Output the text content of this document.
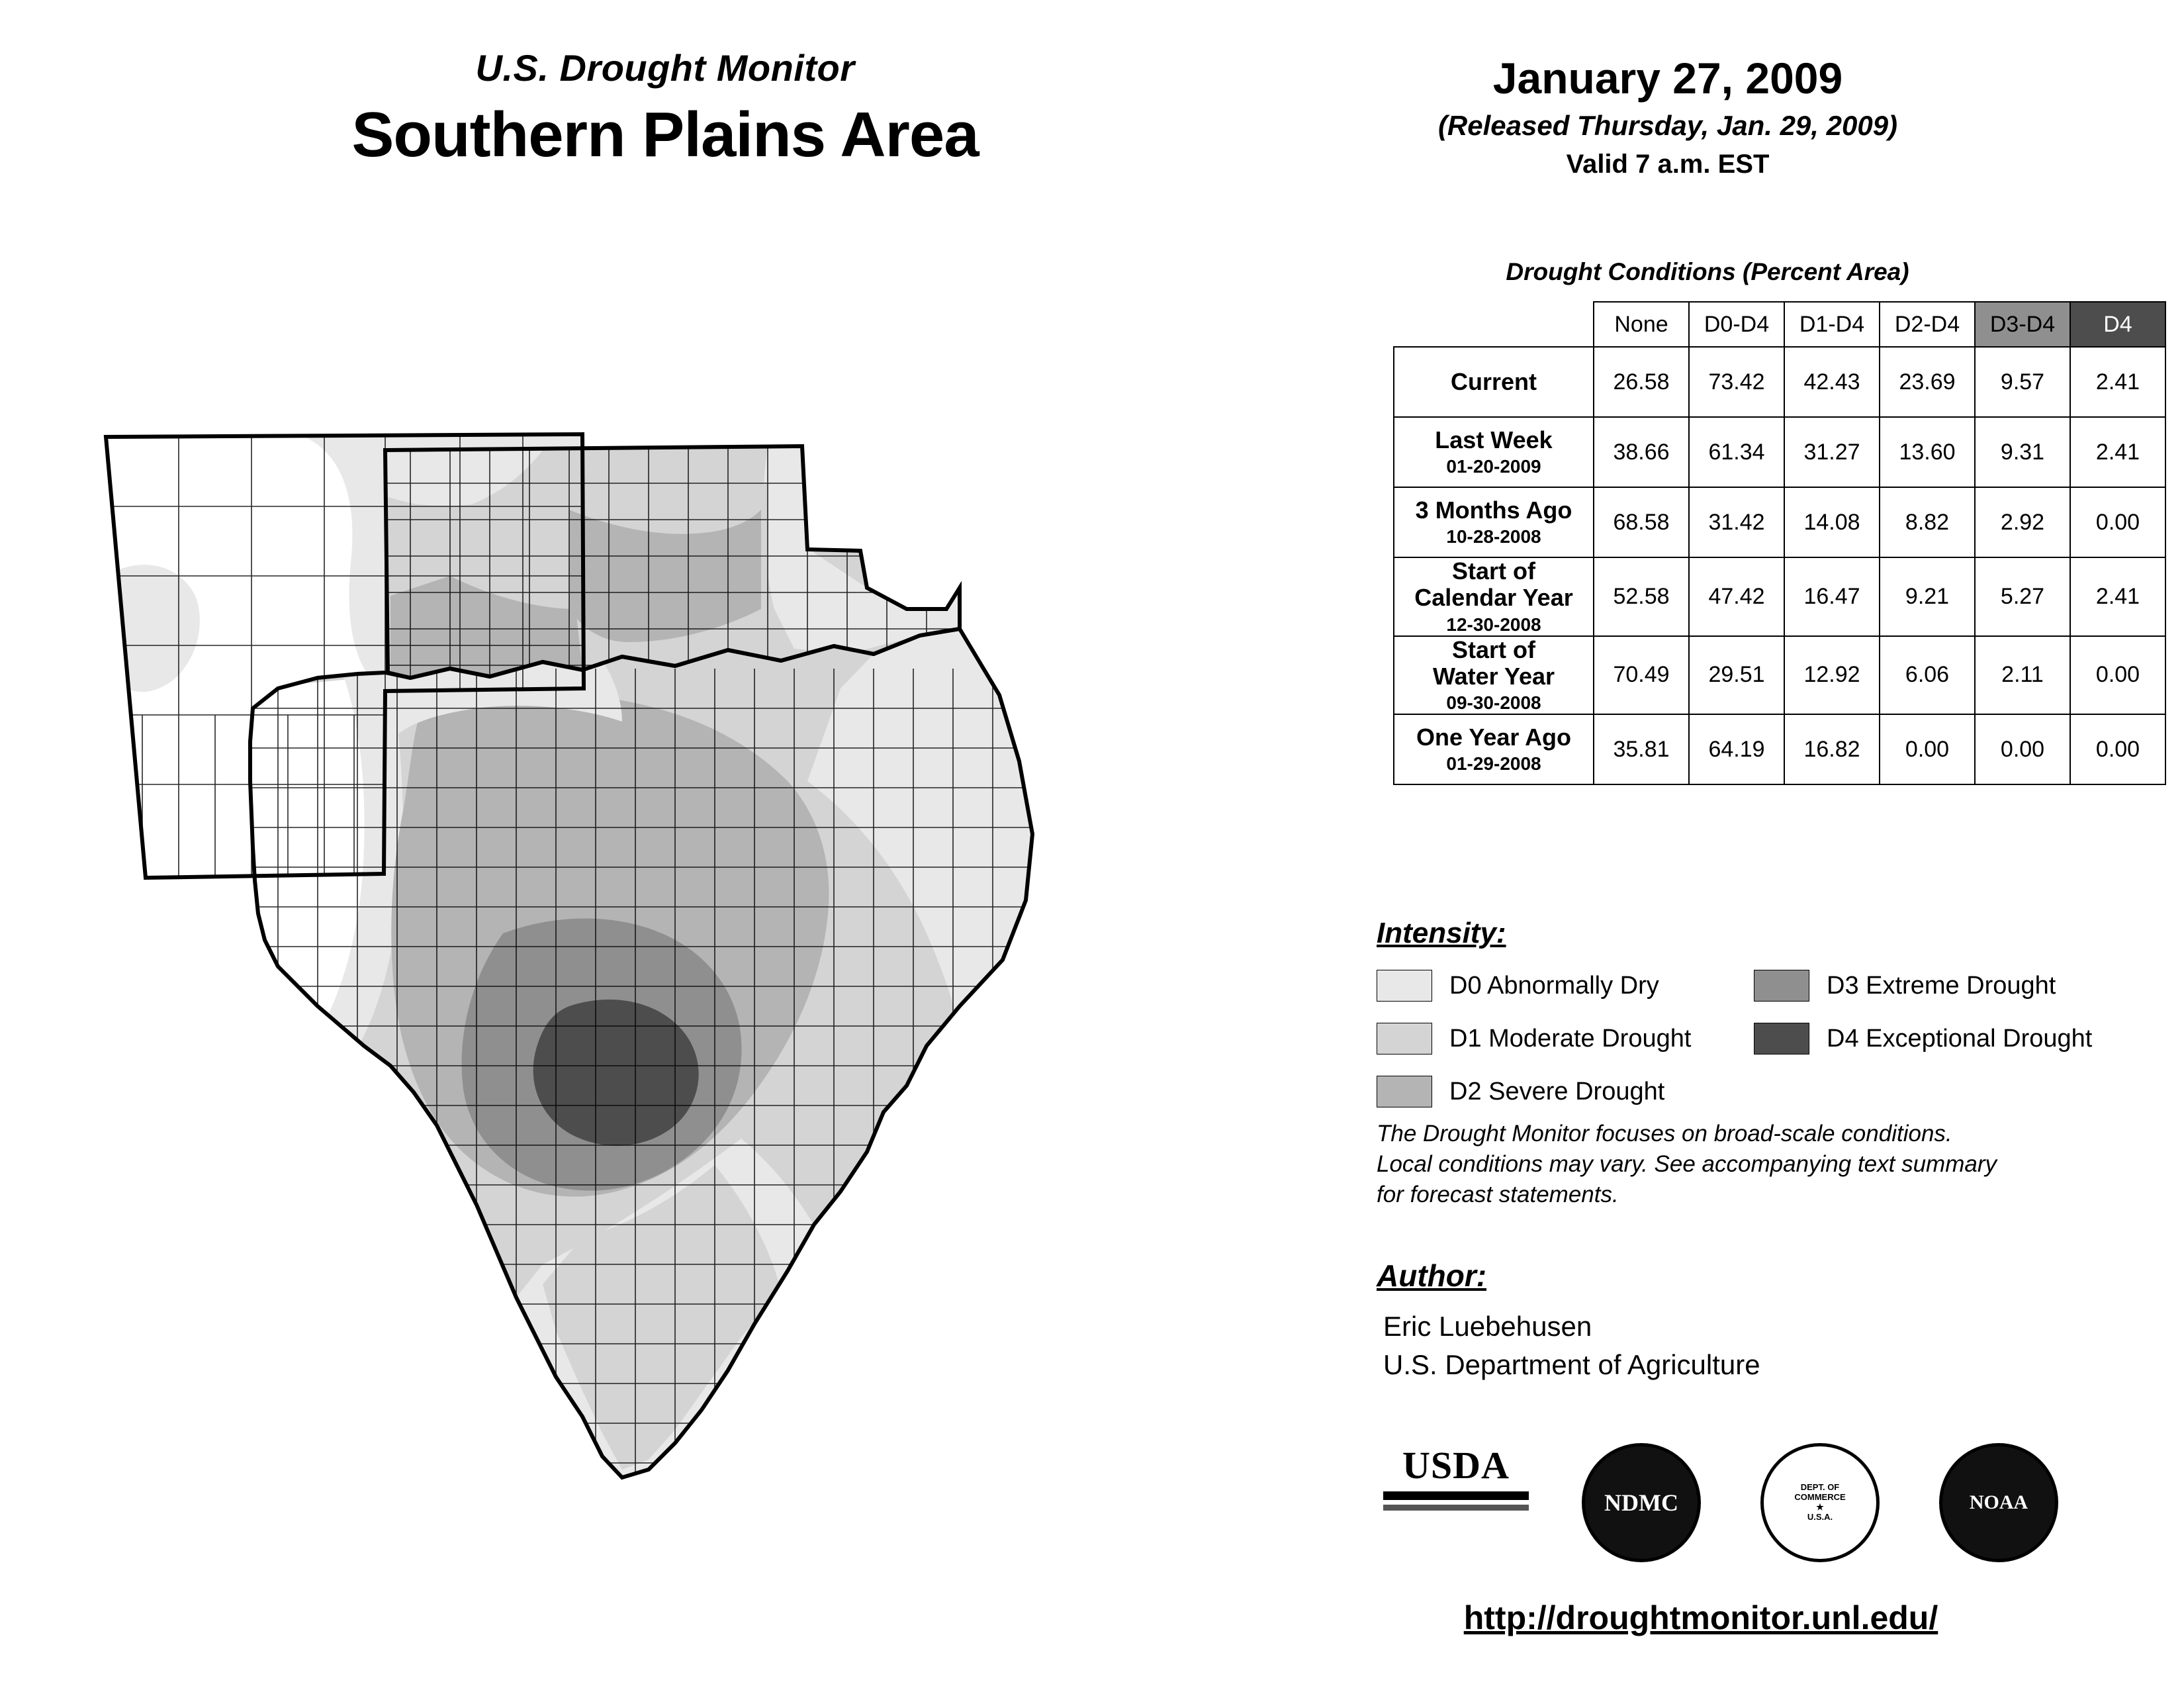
U.S. Drought Monitor
Southern Plains Area
January 27, 2009
(Released Thursday, Jan. 29, 2009)
Valid 7 a.m. EST
Drought Conditions (Percent Area)
	None	D0-D4	D1-D4	D2-D4	D3-D4	D4

Current	26.58	73.42	42.43	23.69	9.57	2.41

Last Week
01-20-2009	38.66	61.34	31.27	13.60	9.31	2.41

3 Months Ago
10-28-2008	68.58	31.42	14.08	8.82	2.92	0.00

Start of
Calendar Year
12-30-2008	52.58	47.42	16.47	9.21	5.27	2.41

Start of
Water Year
09-30-2008	70.49	29.51	12.92	6.06	2.11	0.00

One Year Ago
01-29-2008	35.81	64.19	16.82	0.00	0.00	0.00
Intensity:
D0 Abnormally Dry	D3 Extreme Drought
D1 Moderate Drought	D4 Exceptional Drought
D2 Severe Drought
The Drought Monitor focuses on broad-scale conditions.
Local conditions may vary. See accompanying text summary
for forecast statements.
Author:
Eric Luebehusen
U.S. Department of Agriculture
USDA
NDMC
DEPT. OF
COMMERCE
★
U.S.A.
NOAA
http://droughtmonitor.unl.edu/
